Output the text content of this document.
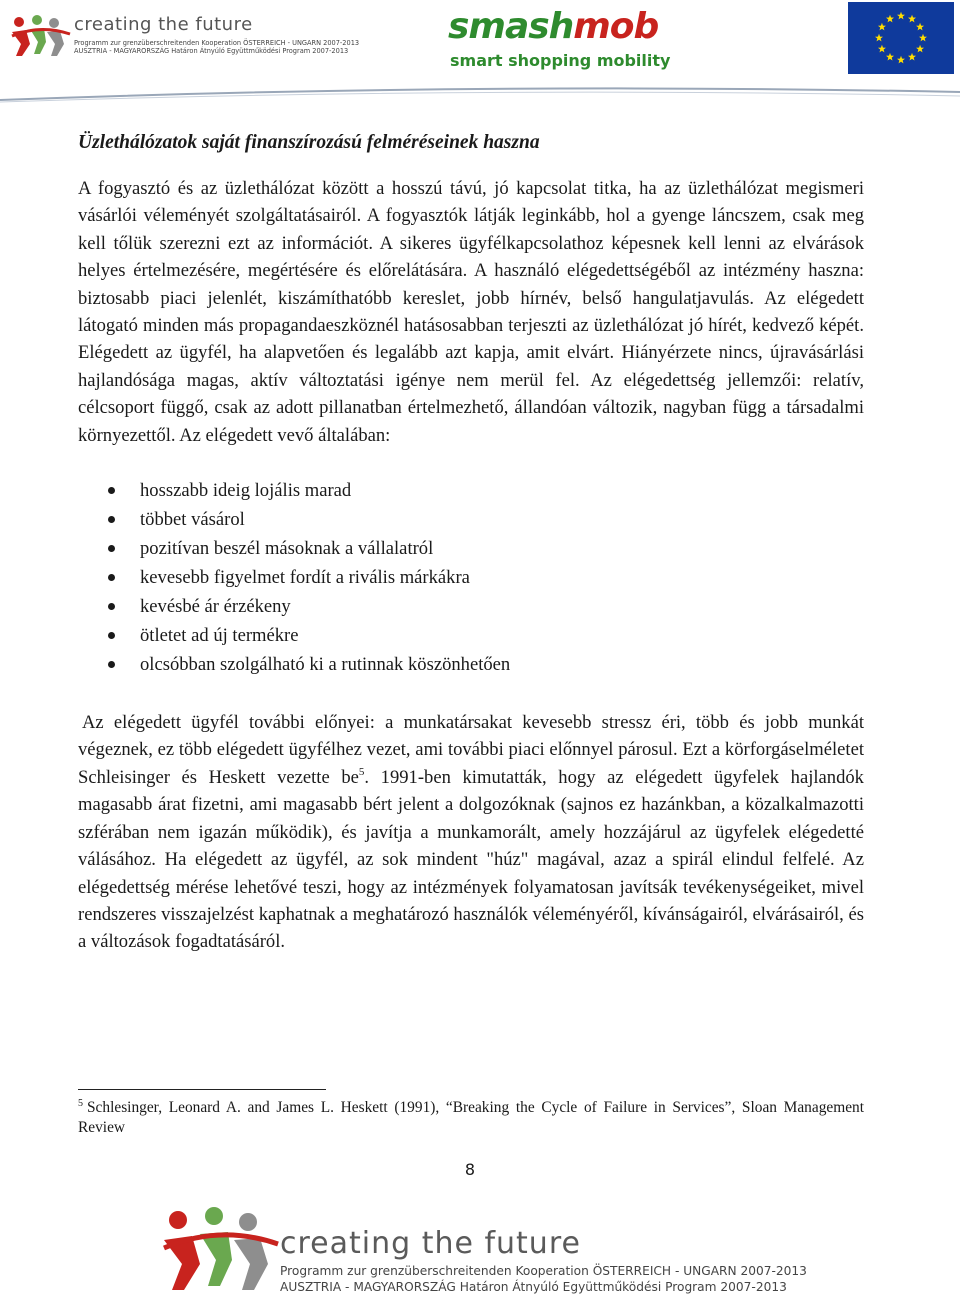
creating the future
Programm zur grenzüberschreitenden Kooperation ÖSTERREICH - UNGARN 2007-2013
AUSZTRIA - MAGYARORSZÁG Határon Átnyúló Együttműködési Program 2007-2013
smashmob
smart shopping mobility
Üzlethálózatok saját finanszírozású felméréseinek haszna

A fogyasztó és az üzlethálózat között a hosszú távú, jó kapcsolat titka, ha az üzlethálózat megismeri vásárlói véleményét szolgáltatásairól. A fogyasztók látják leginkább, hol a gyenge láncszem, csak meg kell tőlük szerezni ezt az információt. A sikeres ügyfélkapcsolathoz képesnek kell lenni az elvárások helyes értelmezésére, megértésére és előrelátására. A használó elégedettségéből az intézmény haszna: biztosabb piaci jelenlét, kiszámíthatóbb kereslet, jobb hírnév, belső hangulatjavulás. Az elégedett látogató minden más propagandaeszköznél hatásosabban terjeszti az üzlethálózat jó hírét, kedvező képét. Elégedett az ügyfél, ha alapvetően és legalább azt kapja, amit elvárt. Hiányérzete nincs, újravásárlási hajlandósága magas, aktív változtatási igénye nem merül fel. Az elégedettség jellemzői: relatív, célcsoport függő, csak az adott pillanatban értelmezhető, állandóan változik, nagyban függ a társadalmi környezettől. Az elégedett vevő általában:

hosszabb ideig lojális marad
többet vásárol
pozitívan beszél másoknak a vállalatról
kevesebb figyelmet fordít a rivális márkákra
kevésbé ár érzékeny
ötletet ad új termékre
olcsóbban szolgálható ki a rutinnak köszönhetően

Az elégedett ügyfél további előnyei: a munkatársakat kevesebb stressz éri, több és jobb munkát végeznek, ez több elégedett ügyfélhez vezet, ami további piaci előnnyel párosul. Ezt a körforgáselméletet Schleisinger és Heskett vezette $be^5$. 1991-ben kimutatták, hogy az elégedett ügyfelek hajlandók magasabb árat fizetni, ami magasabb bért jelent a dolgozóknak (sajnos ez hazánkban, a közalkalmazotti szférában nem igazán működik), és javítja a munkamorált, amely hozzájárul az ügyfelek elégedetté válásához. Ha elégedett az ügyfél, az sok mindent "húz" magával, azaz a spirál elindul felfelé. Az elégedettség mérése lehetővé teszi, hogy az intézmények folyamatosan javítsák tevékenységeiket, mivel rendszeres visszajelzést kaphatnak a meghatározó használók véleményéről, kívánságairól, elvárásairól, és a változások fogadtatásáról.

$^5$ Schlesinger, Leonard A. and James L. Heskett (1991), “Breaking the Cycle of Failure in Services”, Sloan Management Review
8
creating the future
Programm zur grenzüberschreitenden Kooperation ÖSTERREICH - UNGARN 2007-2013
AUSZTRIA - MAGYARORSZÁG Határon Átnyúló Együttműködési Program 2007-2013
